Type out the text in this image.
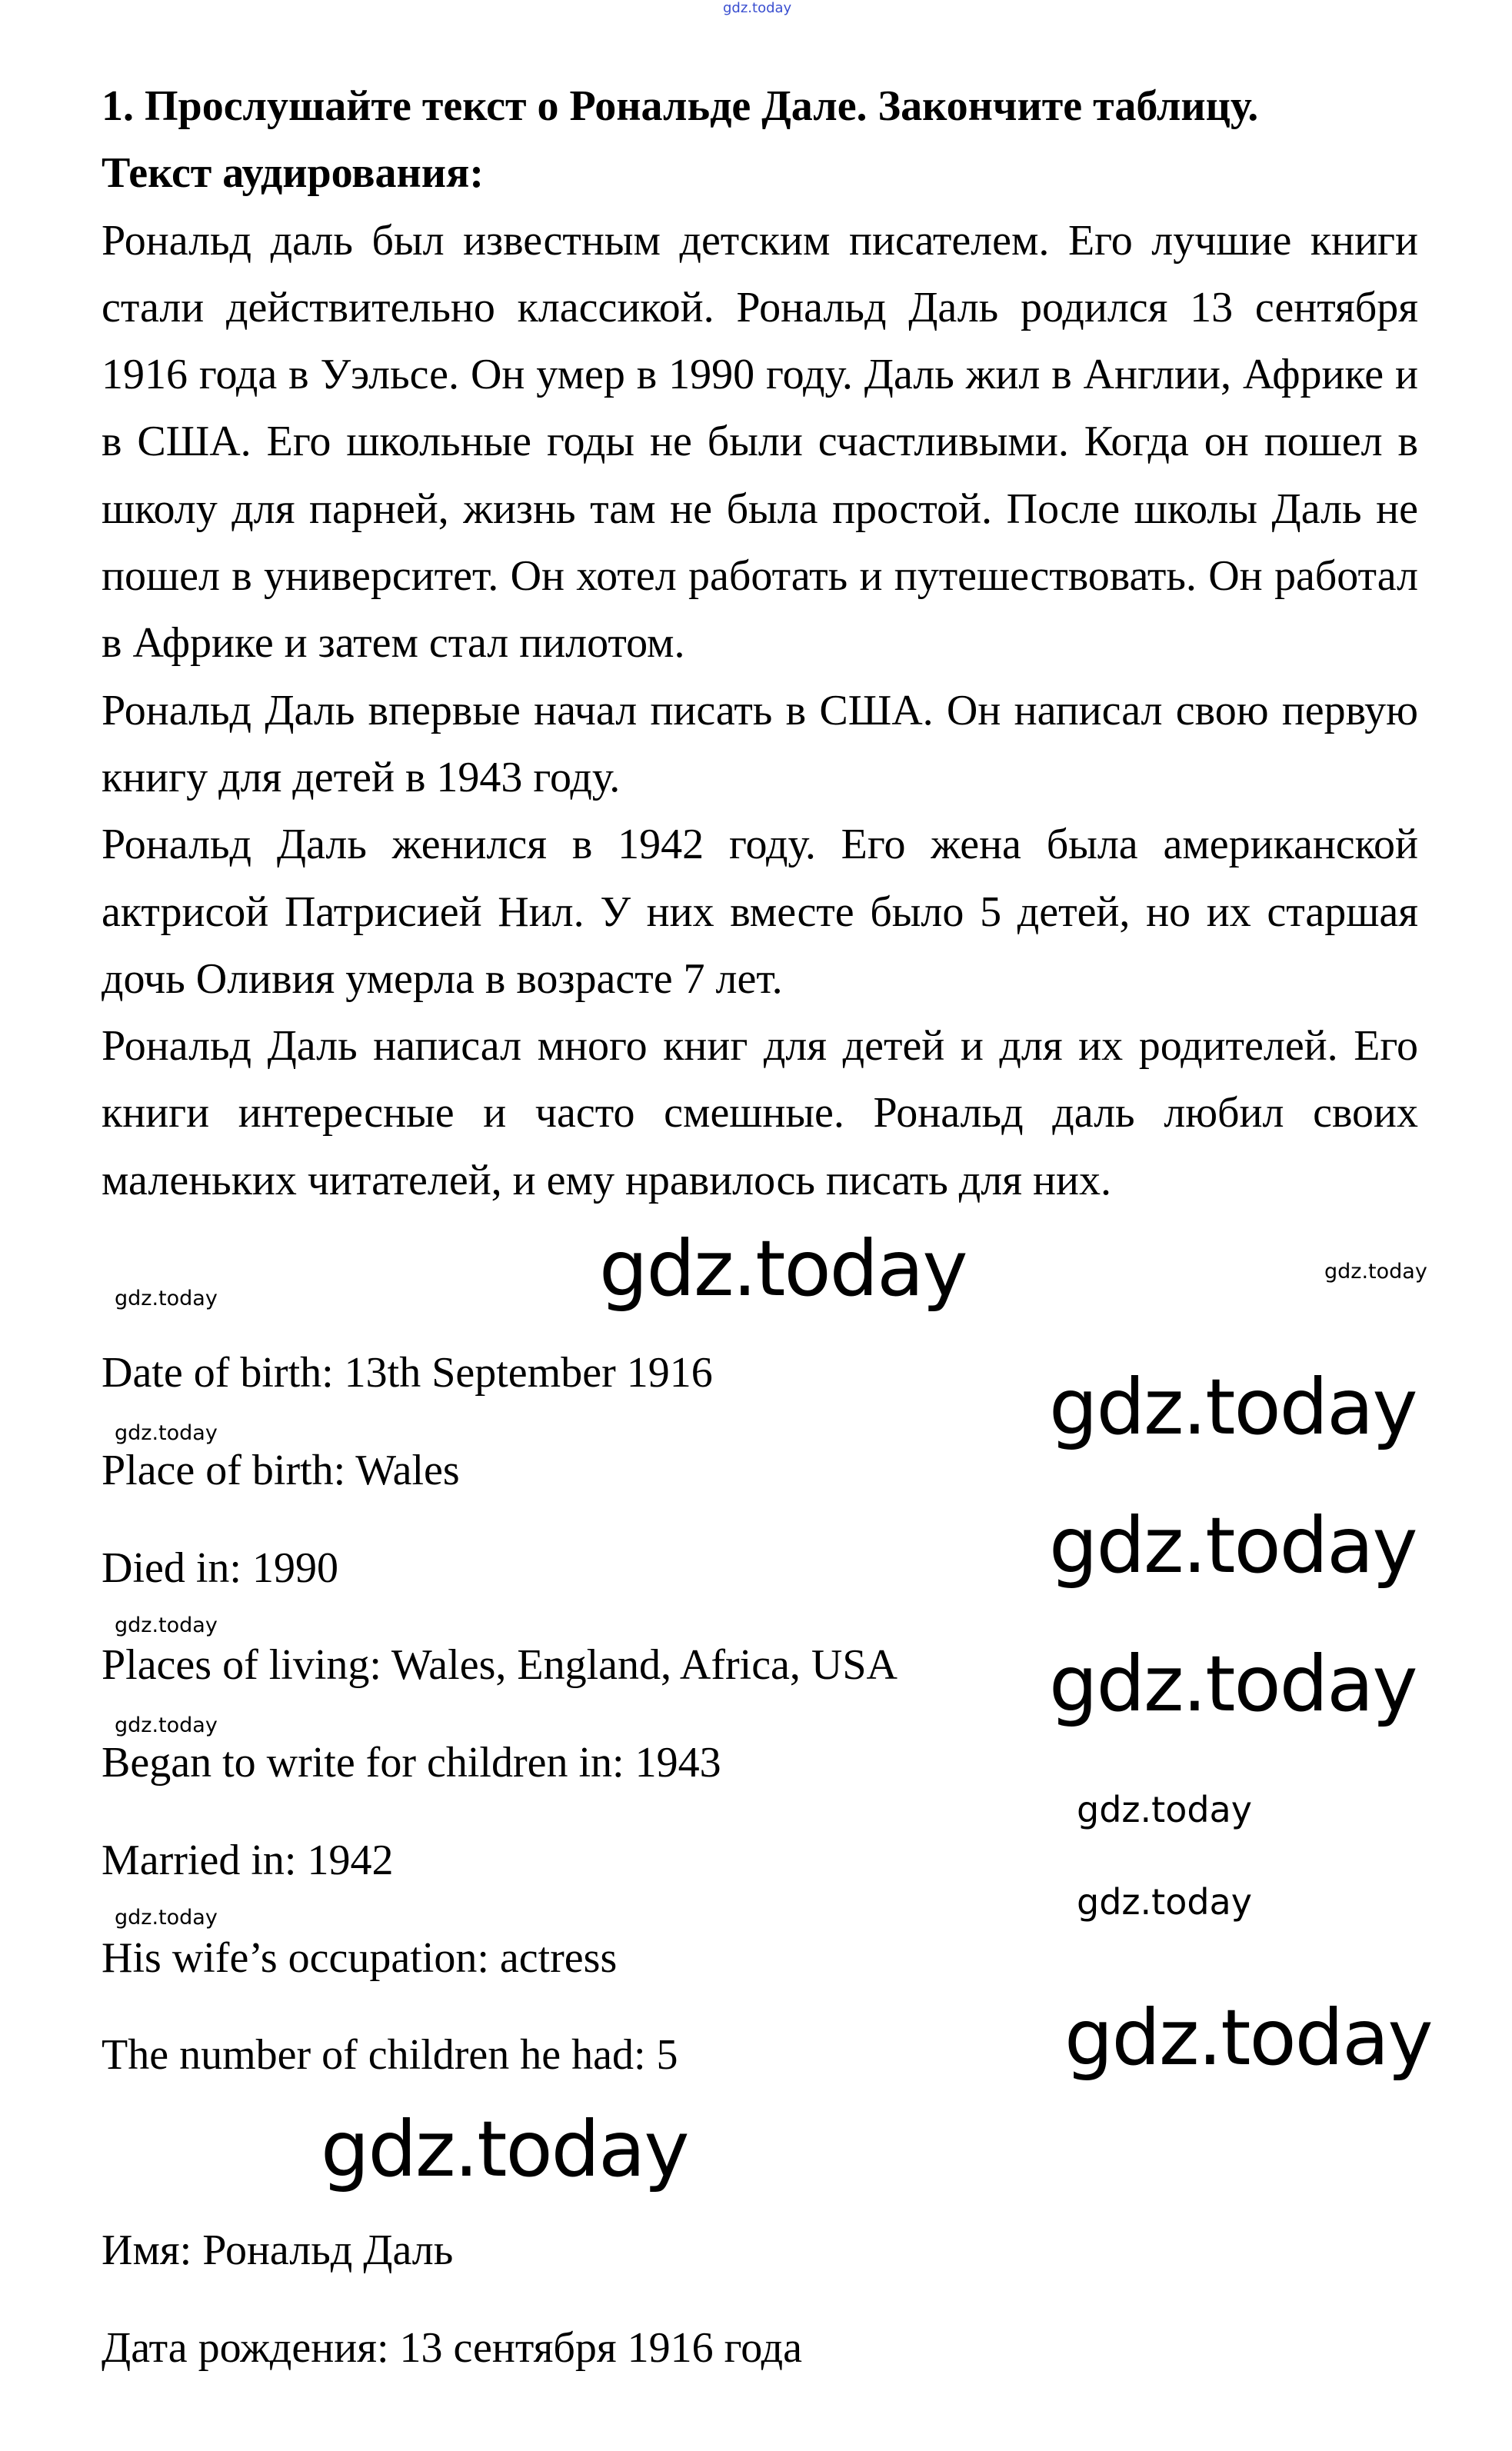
gdz.today

1. Прослушайте текст о Рональде Дале. Закончите таблицу.

Текст аудирования:

Рональд даль был известным детским писателем. Его лучшие книги стали действительно классикой. Рональд Даль родился 13 сентября 1916 года в Уэльсе. Он умер в 1990 году. Даль жил в Англии, Африке и в США. Его школьные годы не были счастливыми. Когда он пошел в школу для парней, жизнь там не была простой. После школы Даль не пошел в университет. Он хотел работать и путешествовать. Он работал в Африке и затем стал пилотом.

Рональд Даль впервые начал писать в США. Он написал свою первую книгу для детей в 1943 году.

Рональд Даль женился в 1942 году. Его жена была американской актрисой Патрисией Нил. У них вместе было 5 детей, но их старшая дочь Оливия умерла в возрасте 7 лет.

Рональд Даль написал много книг для детей и для их родителей. Его книги интересные и часто смешные. Рональд даль любил своих маленьких читателей, и ему нравилось писать для них.

Date of birth: 13th September 1916
Place of birth: Wales
Died in: 1990
Places of living: Wales, England, Africa, USA
Began to write for children in: 1943
Married in: 1942
His wife’s occupation: actress
The number of children he had: 5
Имя: Рональд Даль
Дата рождения: 13 сентября 1916 года
gdz.today	gdz.today
gdz.today
gdz.today
gdz.today
gdz.today
gdz.today
gdz.today
gdz.today
gdz.today
gdz.today
gdz.today
gdz.today
gdz.today
